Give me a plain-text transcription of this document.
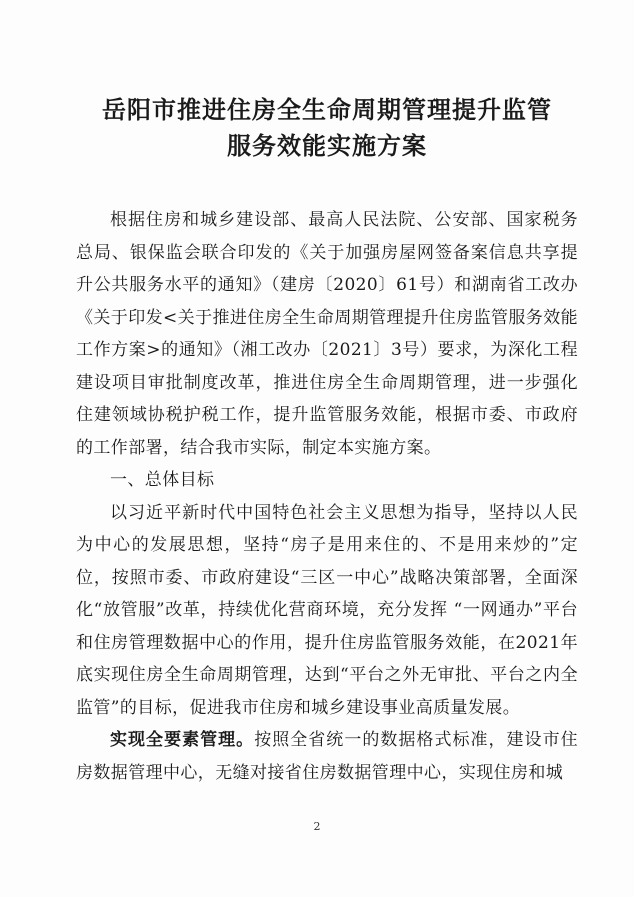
岳阳市推进住房全生命周期管理提升监管
服务效能实施方案

根据住房和城乡建设部、最高人民法院、公安部、国家税务总局、银保监会联合印发的《关于加强房屋网签备案信息共享提升公共服务水平的通知》（建房〔2020〕61号）和湖南省工改办《关于印发<关于推进住房全生命周期管理提升住房监管服务效能工作方案>的通知》（湘工改办〔2021〕3号）要求，为深化工程建设项目审批制度改革，推进住房全生命周期管理，进一步强化住建领域协税护税工作，提升监管服务效能，根据市委、市政府的工作部署，结合我市实际，制定本实施方案。

一、总体目标

以习近平新时代中国特色社会主义思想为指导，坚持以人民为中心的发展思想，坚持“房子是用来住的、不是用来炒的”定位，按照市委、市政府建设“三区一中心”战略决策部署，全面深化“放管服”改革，持续优化营商环境，充分发挥 “一网通办”平台和住房管理数据中心的作用，提升住房监管服务效能，在2021年底实现住房全生命周期管理，达到“平台之外无审批、平台之内全监管”的目标，促进我市住房和城乡建设事业高质量发展。

实现全要素管理。按照全省统一的数据格式标准，建设市住房数据管理中心，无缝对接省住房数据管理中心，实现住房和城

2
